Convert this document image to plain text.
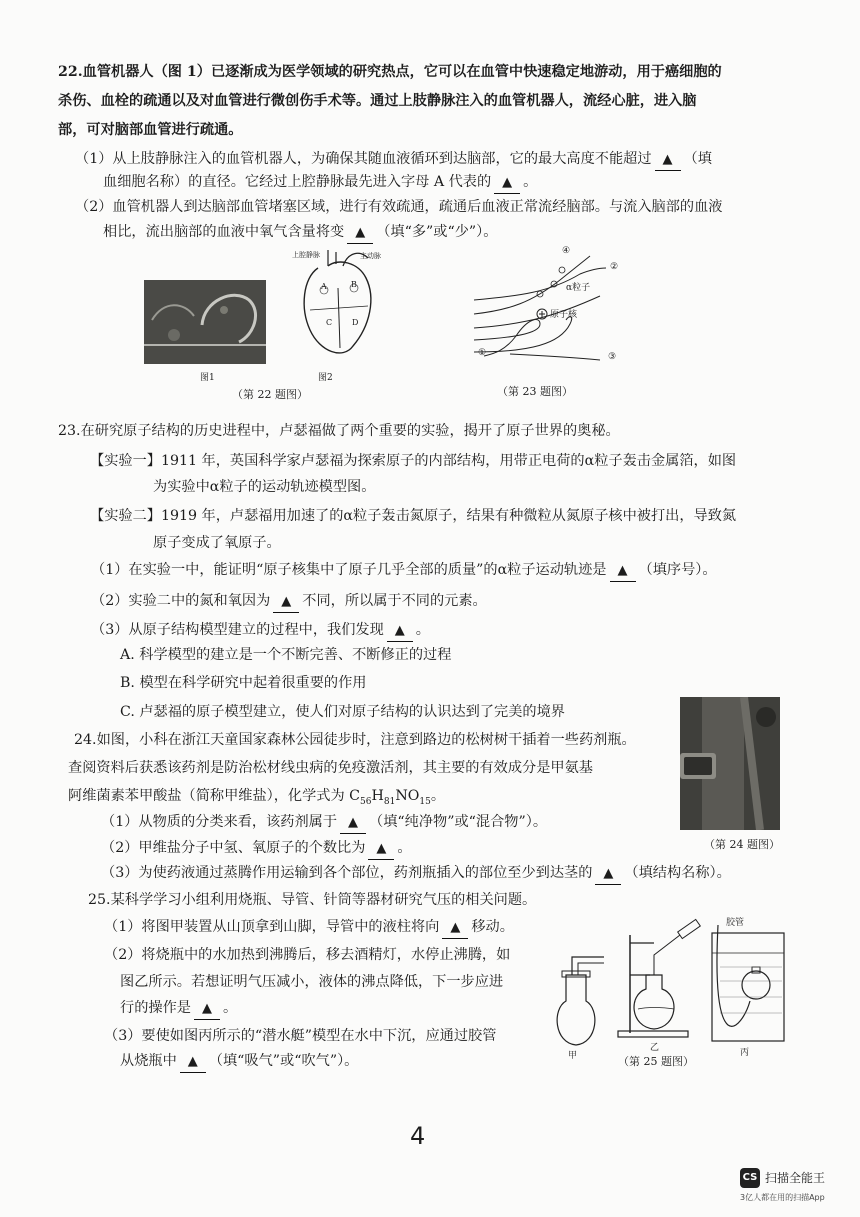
22.血管机器人（图 1）已逐渐成为医学领域的研究热点，它可以在血管中快速稳定地游动，用于癌细胞的
杀伤、血栓的疏通以及对血管进行微创伤手术等。通过上肢静脉注入的血管机器人，流经心脏，进入脑
部，可对脑部血管进行疏通。
（1）从上肢静脉注入的血管机器人，为确保其随血液循环到达脑部，它的最大高度不能超过 ▲ （填
血细胞名称）的直径。它经过上腔静脉最先进入字母 A 代表的 ▲ 。
（2）血管机器人到达脑部血管堵塞区域，进行有效疏通，疏通后血液正常流经脑部。与流入脑部的血液
相比，流出脑部的血液中氧气含量将变 ▲ （填“多”或“少”）。
图1
上腔静脉	主动脉
A	B
C D
图2
（第 22 题图）
④
②
α粒子
原子核
①	③
（第 23 题图）
23.在研究原子结构的历史进程中，卢瑟福做了两个重要的实验，揭开了原子世界的奥秘。
【实验一】1911 年，英国科学家卢瑟福为探索原子的内部结构，用带正电荷的α粒子轰击金属箔，如图
为实验中α粒子的运动轨迹模型图。
【实验二】1919 年，卢瑟福用加速了的α粒子轰击氮原子，结果有种微粒从氮原子核中被打出，导致氮
原子变成了氧原子。
（1）在实验一中，能证明“原子核集中了原子几乎全部的质量”的α粒子运动轨迹是 ▲ （填序号）。
（2）实验二中的氮和氧因为 ▲ 不同，所以属于不同的元素。
（3）从原子结构模型建立的过程中，我们发现 ▲ 。
A. 科学模型的建立是一个不断完善、不断修正的过程
B. 模型在科学研究中起着很重要的作用
C. 卢瑟福的原子模型建立，使人们对原子结构的认识达到了完美的境界
（第 24 题图）
24.如图，小科在浙江天童国家森林公园徒步时，注意到路边的松树树干插着一些药剂瓶。
查阅资料后获悉该药剂是防治松材线虫病的免疫激活剂，其主要的有效成分是甲氨基
阿维菌素苯甲酸盐（简称甲维盐），化学式为 $C_{56}H_{81}NO_{15}$。
（1）从物质的分类来看，该药剂属于 ▲ （填“纯净物”或“混合物”）。
（2）甲维盐分子中氢、氧原子的个数比为 ▲ 。
（3）为使药液通过蒸腾作用运输到各个部位，药剂瓶插入的部位至少到达茎的 ▲ （填结构名称）。
25.某科学学习小组利用烧瓶、导管、针筒等器材研究气压的相关问题。
（1）将图甲装置从山顶拿到山脚，导管中的液柱将向 ▲ 移动。
（2）将烧瓶中的水加热到沸腾后，移去酒精灯，水停止沸腾，如
图乙所示。若想证明气压减小，液体的沸点降低，下一步应进
行的操作是 ▲ 。
（3）要使如图丙所示的“潜水艇”模型在水中下沉，应通过胶管
从烧瓶中 ▲ （填“吸气”或“吹气”）。	甲
乙	丙
胶管
（第 25 题图）
4
CS 扫描全能王
3亿人都在用的扫描App
